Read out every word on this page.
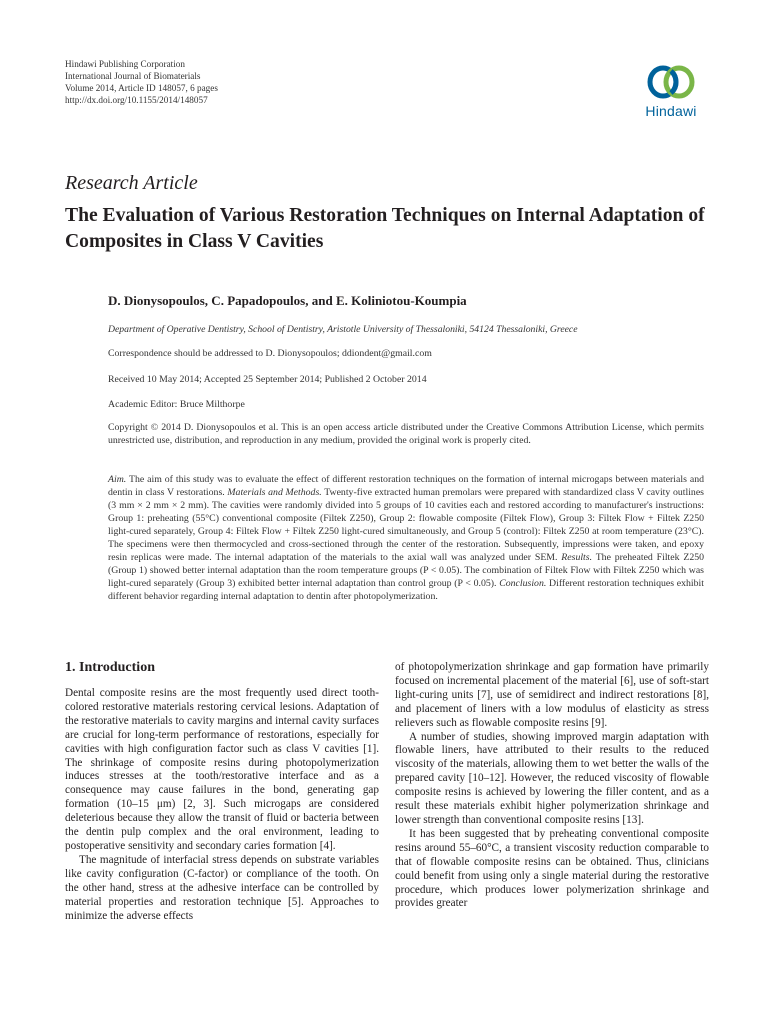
Hindawi Publishing Corporation
International Journal of Biomaterials
Volume 2014, Article ID 148057, 6 pages
http://dx.doi.org/10.1155/2014/148057
Hindawi
Research Article
The Evaluation of Various Restoration Techniques on Internal Adaptation of Composites in Class V Cavities
D. Dionysopoulos, C. Papadopoulos, and E. Koliniotou-Koumpia
Department of Operative Dentistry, School of Dentistry, Aristotle University of Thessaloniki, 54124 Thessaloniki, Greece
Correspondence should be addressed to D. Dionysopoulos; ddiondent@gmail.com
Received 10 May 2014; Accepted 25 September 2014; Published 2 October 2014
Academic Editor: Bruce Milthorpe
Copyright © 2014 D. Dionysopoulos et al. This is an open access article distributed under the Creative Commons Attribution License, which permits unrestricted use, distribution, and reproduction in any medium, provided the original work is properly cited.
Aim. The aim of this study was to evaluate the effect of different restoration techniques on the formation of internal microgaps between materials and dentin in class V restorations. Materials and Methods. Twenty-five extracted human premolars were prepared with standardized class V cavity outlines (3 mm × 2 mm × 2 mm). The cavities were randomly divided into 5 groups of 10 cavities each and restored according to manufacturer's instructions: Group 1: preheating (55°C) conventional composite (Filtek Z250), Group 2: flowable composite (Filtek Flow), Group 3: Filtek Flow + Filtek Z250 light-cured separately, Group 4: Filtek Flow + Filtek Z250 light-cured simultaneously, and Group 5 (control): Filtek Z250 at room temperature (23°C). The specimens were then thermocycled and cross-sectioned through the center of the restoration. Subsequently, impressions were taken, and epoxy resin replicas were made. The internal adaptation of the materials to the axial wall was analyzed under SEM. Results. The preheated Filtek Z250 (Group 1) showed better internal adaptation than the room temperature groups (P < 0.05). The combination of Filtek Flow with Filtek Z250 which was light-cured separately (Group 3) exhibited better internal adaptation than control group (P < 0.05). Conclusion. Different restoration techniques exhibit different behavior regarding internal adaptation to dentin after photopolymerization.
1. Introduction

Dental composite resins are the most frequently used direct tooth-colored restorative materials restoring cervical lesions. Adaptation of the restorative materials to cavity margins and internal cavity surfaces are crucial for long-term performance of restorations, especially for cavities with high configuration factor such as class V cavities [1]. The shrinkage of composite resins during photopolymerization induces stresses at the tooth/restorative interface and as a consequence may cause failures in the bond, generating gap formation (10–15 μm) [2, 3]. Such microgaps are considered deleterious because they allow the transit of fluid or bacteria between the dentin pulp complex and the oral environment, leading to postoperative sensitivity and secondary caries formation [4].

The magnitude of interfacial stress depends on substrate variables like cavity configuration (C-factor) or compliance of the tooth. On the other hand, stress at the adhesive interface can be controlled by material properties and restoration technique [5]. Approaches to minimize the adverse effects

of photopolymerization shrinkage and gap formation have primarily focused on incremental placement of the material [6], use of soft-start light-curing units [7], use of semidirect and indirect restorations [8], and placement of liners with a low modulus of elasticity as stress relievers such as flowable composite resins [9].

A number of studies, showing improved margin adaptation with flowable liners, have attributed to their results to the reduced viscosity of the materials, allowing them to wet better the walls of the prepared cavity [10–12]. However, the reduced viscosity of flowable composite resins is achieved by lowering the filler content, and as a result these materials exhibit higher polymerization shrinkage and lower strength than conventional composite resins [13].

It has been suggested that by preheating conventional composite resins around 55–60°C, a transient viscosity reduction comparable to that of flowable composite resins can be obtained. Thus, clinicians could benefit from using only a single material during the restorative procedure, which produces lower polymerization shrinkage and provides greater
